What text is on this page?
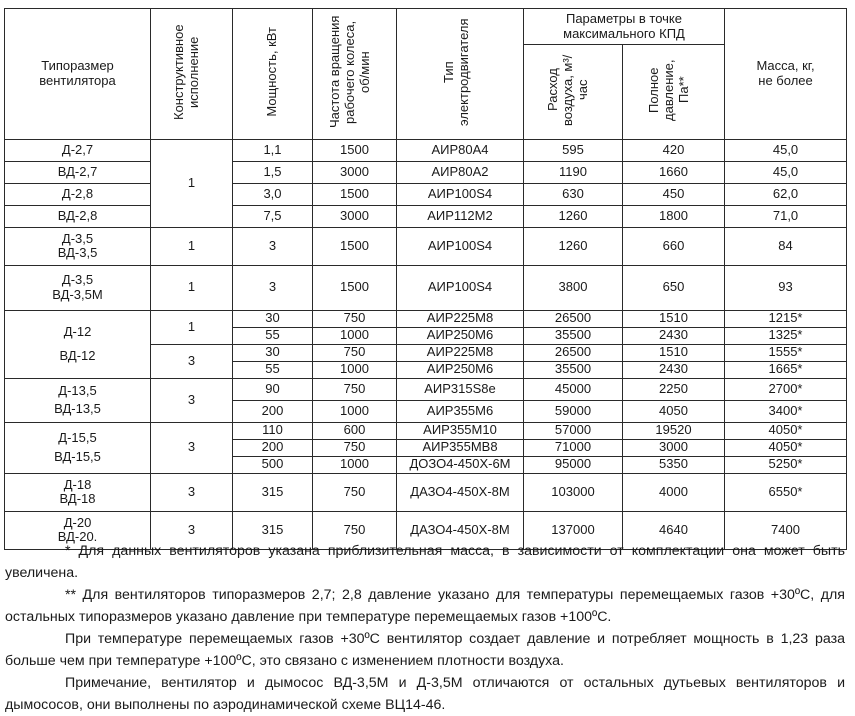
Типоразмер вентилятора	Конструктивное исполнение	Мощность, кВт	Частота вращения рабочего колеса, об/мин	Тип электродвигателя	Параметры в точке максимального КПД		Масса, кг, не более
					Расход воздуха, м³/час	Полное давление, Па**	
Д-2,7	1	1,1	1500	АИР80А4	595	420	45,0
ВД-2,7		1,5	3000	АИР80А2	1190	1660	45,0
Д-2,8		3,0	1500	АИР100S4	630	450	62,0
ВД-2,8		7,5	3000	АИР112М2	1260	1800	71,0

Д-3,5
ВД-3,5	1	3	1500	АИР100S4	1260	660	84

Д-3,5
ВД-3,5М	1	3	1500	АИР100S4	3800	650	93

Д-12
ВД-12	1	30	750	АИР225М8	26500	1510	1215*
		55	1000	АИР250М6	35500	2430	1325*
	3	30	750	АИР225М8	26500	1510	1555*
		55	1000	АИР250М6	35500	2430	1665*

Д-13,5
ВД-13,5	3	90	750	АИР315S8е	45000	2250	2700*
		200	1000	АИР355М6	59000	4050	3400*

Д-15,5
ВД-15,5	3	110	600	АИР355М10	57000	19520	4050*
		200	750	АИР355МВ8	71000	3000	4050*
		500	1000	ДОЗО4-450Х-6М	95000	5350	5250*

Д-18
ВД-18	3	315	750	ДАЗО4-450Х-8М	103000	4000	6550*

Д-20
ВД-20.	3	315	750	ДАЗО4-450Х-8М	137000	4640	7400

* Для данных вентиляторов указана приблизительная масса, в зависимости от комплектации она может быть увеличена.

** Для вентиляторов типоразмеров 2,7; 2,8 давление указано для температуры перемещаемых газов +30ºС, для остальных типоразмеров указано давление при температуре перемещаемых газов +100ºС.

При температуре перемещаемых газов +30ºС вентилятор создает давление и потребляет мощность в 1,23 раза больше чем при температуре +100ºС, это связано с изменением плотности воздуха.

Примечание, вентилятор и дымосос ВД-3,5М и Д-3,5М отличаются от остальных дутьевых вентиляторов и дымососов, они выполнены по аэродинамической схеме ВЦ14-46.
